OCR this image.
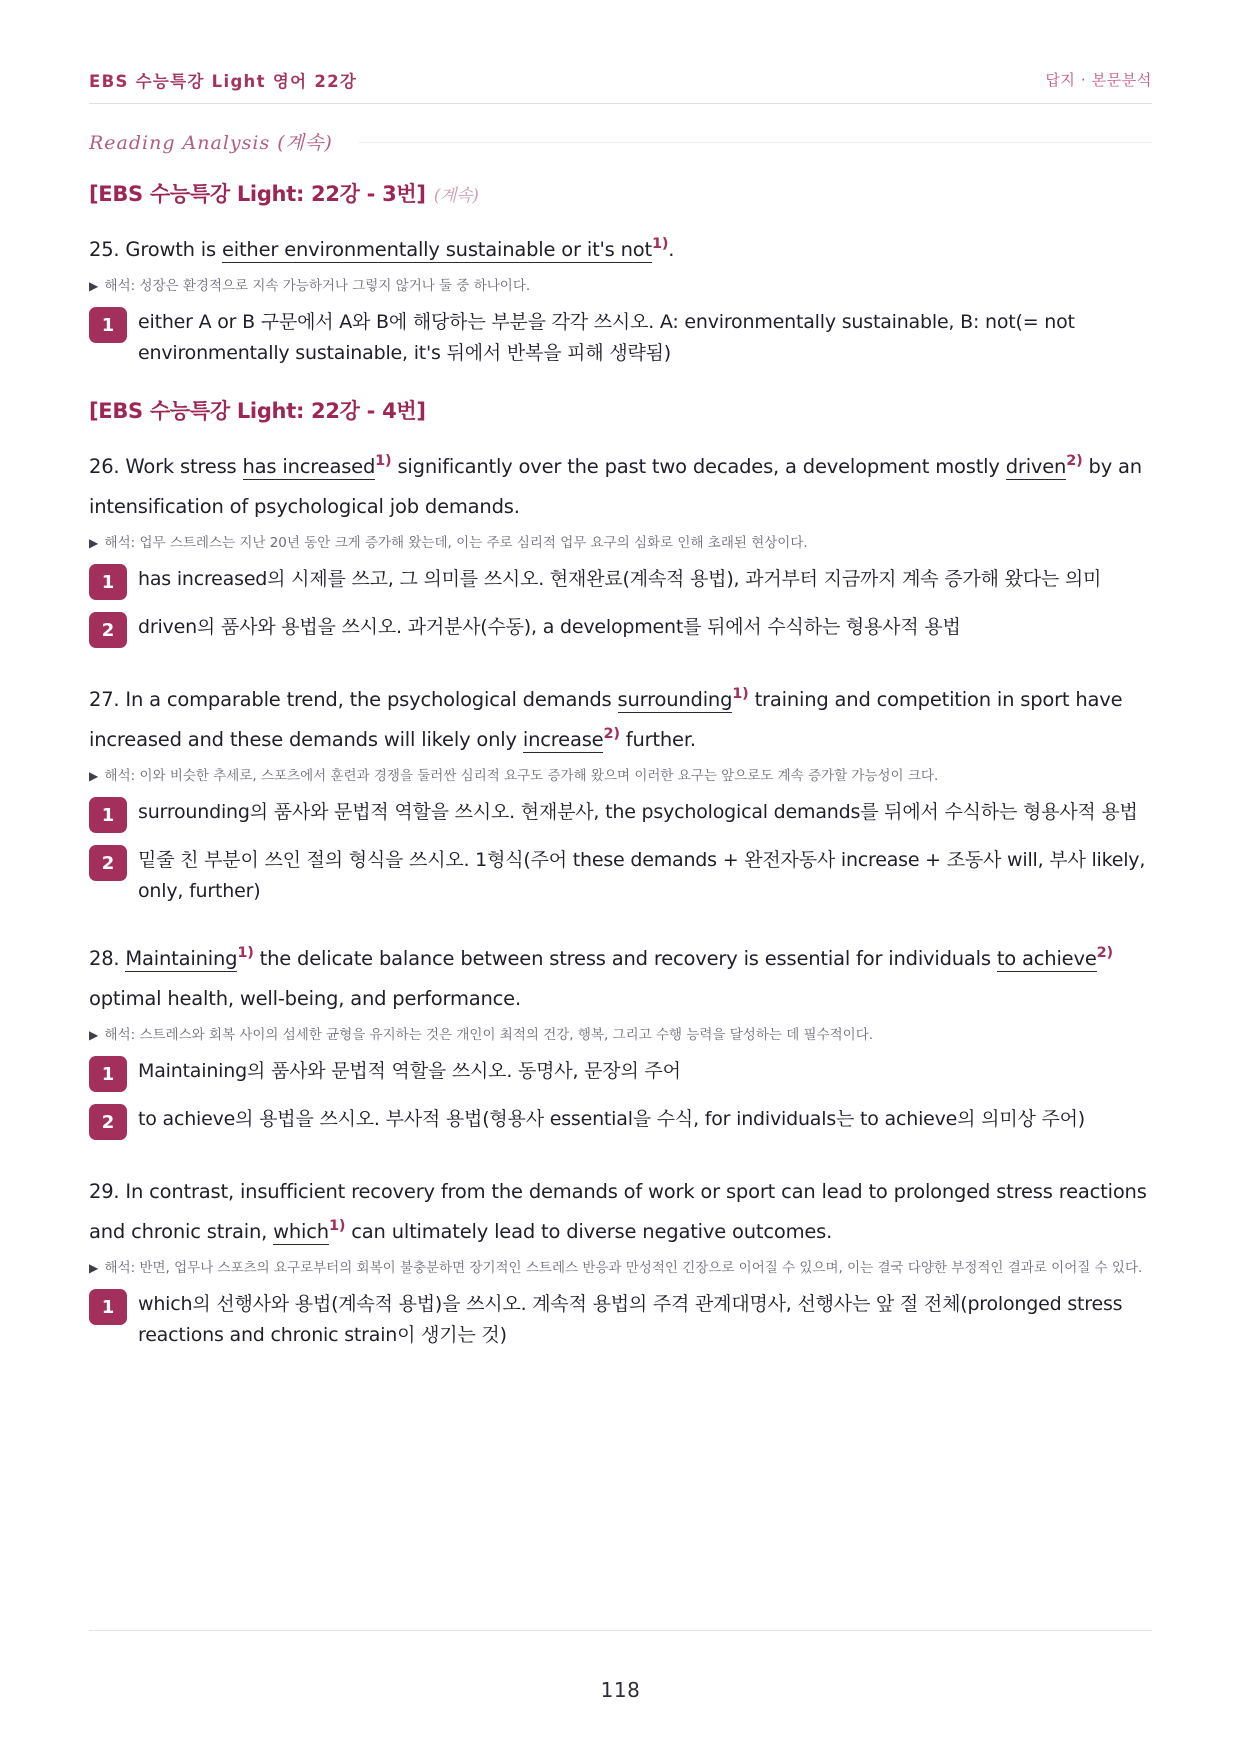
EBS 수능특강 Light 영어 22강	답지 · 본문분석
Reading Analysis (계속)
[EBS 수능특강 Light: 22강 - 3번] (계속)

25. Growth is either environmentally sustainable or it's not$^{1)}$.

▶ 해석: 성장은 환경적으로 지속 가능하거나 그렇지 않거나 둘 중 하나이다.
1	either A or B 구문에서 A와 B에 해당하는 부분을 각각 쓰시오. A: environmentally sustainable, B: not(= not environmentally sustainable, it's 뒤에서 반복을 피해 생략됨)
[EBS 수능특강 Light: 22강 - 4번]

26. Work stress has increased$^{1)}$ significantly over the past two decades, a development mostly driven$^{2)}$ by an intensification of psychological job demands.

▶ 해석: 업무 스트레스는 지난 20년 동안 크게 증가해 왔는데, 이는 주로 심리적 업무 요구의 심화로 인해 초래된 현상이다.
1	has increased의 시제를 쓰고, 그 의미를 쓰시오. 현재완료(계속적 용법), 과거부터 지금까지 계속 증가해 왔다는 의미
2	driven의 품사와 용법을 쓰시오. 과거분사(수동), a development를 뒤에서 수식하는 형용사적 용법

27. In a comparable trend, the psychological demands surrounding$^{1)}$ training and competition in sport have increased and these demands will likely only increase$^{2)}$ further.

▶ 해석: 이와 비슷한 추세로, 스포츠에서 훈련과 경쟁을 둘러싼 심리적 요구도 증가해 왔으며 이러한 요구는 앞으로도 계속 증가할 가능성이 크다.
1	surrounding의 품사와 문법적 역할을 쓰시오. 현재분사, the psychological demands를 뒤에서 수식하는 형용사적 용법
2	밑줄 친 부분이 쓰인 절의 형식을 쓰시오. 1형식(주어 these demands + 완전자동사 increase + 조동사 will, 부사 likely, only, further)

28. Maintaining$^{1)}$ the delicate balance between stress and recovery is essential for individuals to achieve$^{2)}$ optimal health, well-being, and performance.

▶ 해석: 스트레스와 회복 사이의 섬세한 균형을 유지하는 것은 개인이 최적의 건강, 행복, 그리고 수행 능력을 달성하는 데 필수적이다.
1	Maintaining의 품사와 문법적 역할을 쓰시오. 동명사, 문장의 주어
2	to achieve의 용법을 쓰시오. 부사적 용법(형용사 essential을 수식, for individuals는 to achieve의 의미상 주어)

29. In contrast, insufficient recovery from the demands of work or sport can lead to prolonged stress reactions and chronic strain, which$^{1)}$ can ultimately lead to diverse negative outcomes.

▶ 해석: 반면, 업무나 스포츠의 요구로부터의 회복이 불충분하면 장기적인 스트레스 반응과 만성적인 긴장으로 이어질 수 있으며, 이는 결국 다양한 부정적인 결과로 이어질 수 있다.
1	which의 선행사와 용법(계속적 용법)을 쓰시오. 계속적 용법의 주격 관계대명사, 선행사는 앞 절 전체(prolonged stress reactions and chronic strain이 생기는 것)
118
